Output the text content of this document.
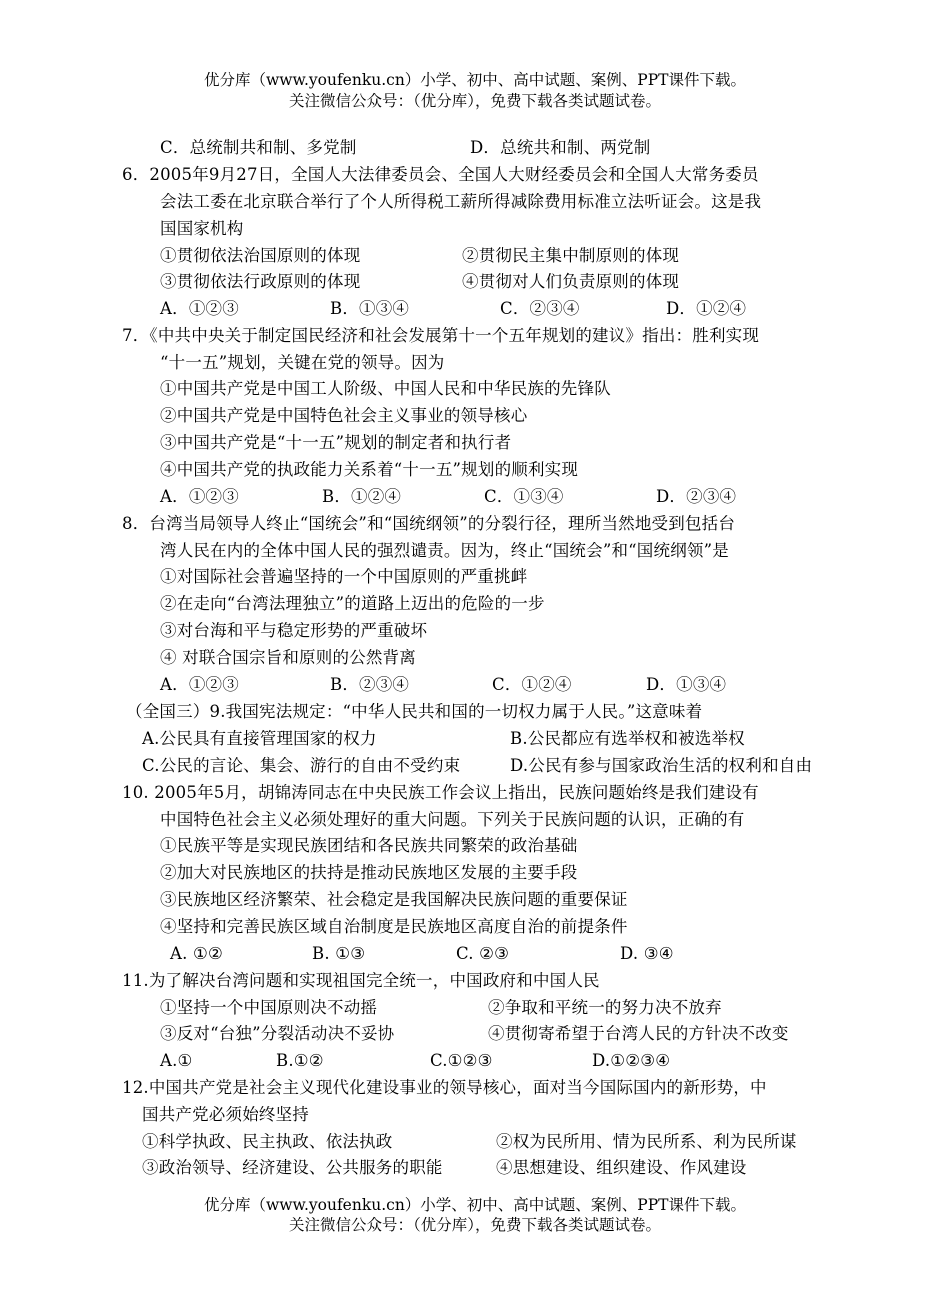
优分库（www.youfenku.cn）小学、初中、高中试题、案例、PPT课件下载。
关注微信公众号：（优分库），免费下载各类试题试卷。
C．总统制共和制、多党制	D．总统共和制、两党制
6．2005年9月27日，全国人大法律委员会、全国人大财经委员会和全国人大常务委员
会法工委在北京联合举行了个人所得税工薪所得减除费用标准立法听证会。这是我
国国家机构
①贯彻依法治国原则的体现	②贯彻民主集中制原则的体现
③贯彻依法行政原则的体现	④贯彻对人们负责原则的体现
A．①②③	B．①③④	C．②③④	D．①②④
7．《中共中央关于制定国民经济和社会发展第十一个五年规划的建议》指出：胜利实现
“十一五”规划，关键在党的领导。因为
①中国共产党是中国工人阶级、中国人民和中华民族的先锋队
②中国共产党是中国特色社会主义事业的领导核心
③中国共产党是“十一五”规划的制定者和执行者
④中国共产党的执政能力关系着“十一五”规划的顺利实现
A．①②③	B．①②④	C．①③④	D．②③④
8．台湾当局领导人终止“国统会”和“国统纲领”的分裂行径，理所当然地受到包括台
湾人民在内的全体中国人民的强烈谴责。因为，终止“国统会”和“国统纲领”是
①对国际社会普遍坚持的一个中国原则的严重挑衅
②在走向“台湾法理独立”的道路上迈出的危险的一步
③对台海和平与稳定形势的严重破坏
④ 对联合国宗旨和原则的公然背离
A．①②③	B．②③④	C．①②④	D．①③④
（全国三）9.我国宪法规定：“中华人民共和国的一切权力属于人民。”这意味着
A.公民具有直接管理国家的权力	B.公民都应有选举权和被选举权
C.公民的言论、集会、游行的自由不受约束	D.公民有参与国家政治生活的权利和自由
10. 2005年5月，胡锦涛同志在中央民族工作会议上指出，民族问题始终是我们建设有
中国特色社会主义必须处理好的重大问题。下列关于民族问题的认识，正确的有
①民族平等是实现民族团结和各民族共同繁荣的政治基础
②加大对民族地区的扶持是推动民族地区发展的主要手段
③民族地区经济繁荣、社会稳定是我国解决民族问题的重要保证
④坚持和完善民族区域自治制度是民族地区高度自治的前提条件
A. ①②	B. ①③	C. ②③	D. ③④
11.为了解决台湾问题和实现祖国完全统一，中国政府和中国人民
①坚持一个中国原则决不动摇	②争取和平统一的努力决不放弃
③反对“台独”分裂活动决不妥协	④贯彻寄希望于台湾人民的方针决不改变
A.①	B.①②	C.①②③	D.①②③④
12.中国共产党是社会主义现代化建设事业的领导核心，面对当今国际国内的新形势，中
国共产党必须始终坚持
①科学执政、民主执政、依法执政	②权为民所用、情为民所系、利为民所谋
③政治领导、经济建设、公共服务的职能	④思想建设、组织建设、作风建设
优分库（www.youfenku.cn）小学、初中、高中试题、案例、PPT课件下载。
关注微信公众号：（优分库），免费下载各类试题试卷。
